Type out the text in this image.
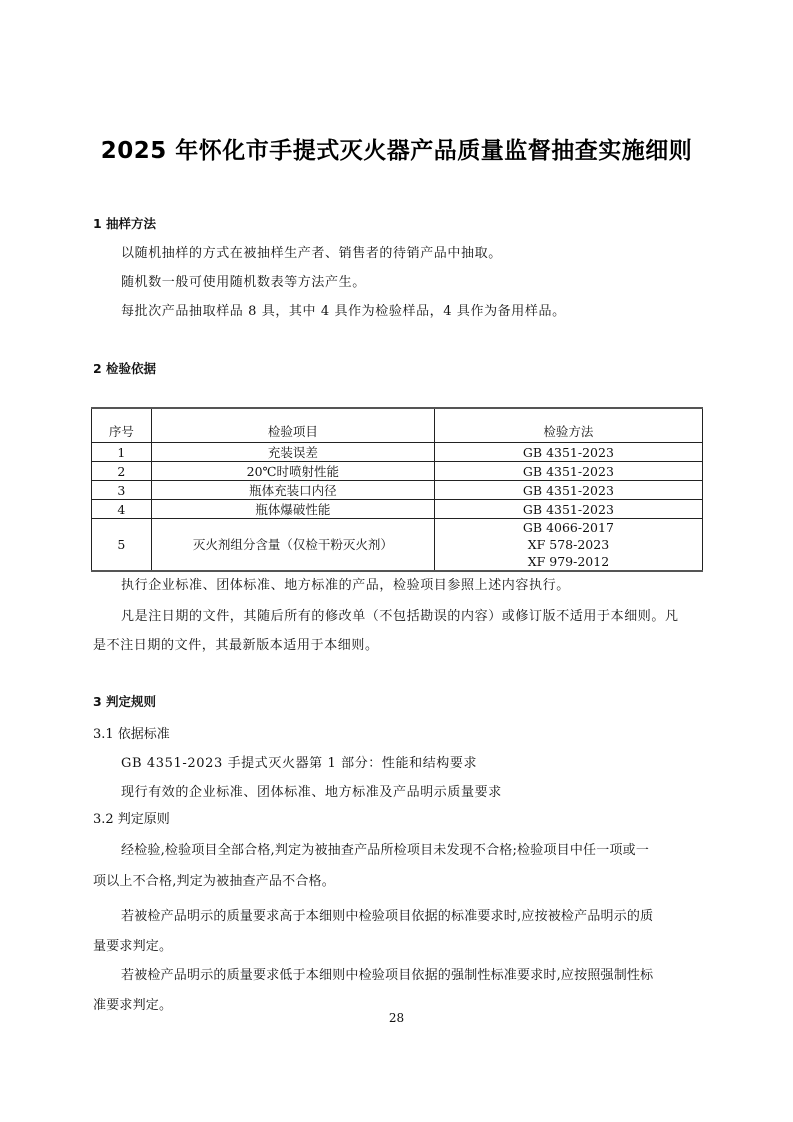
2025 年怀化市手提式灭火器产品质量监督抽查实施细则
1 抽样方法
以随机抽样的方式在被抽样生产者、销售者的待销产品中抽取。
随机数一般可使用随机数表等方法产生。
每批次产品抽取样品 8 具，其中 4 具作为检验样品，4 具作为备用样品。
2 检验依据
序号	检验项目	检验方法
1	充装误差	GB 4351-2023
2	20℃时喷射性能	GB 4351-2023
3	瓶体充装口内径	GB 4351-2023
4	瓶体爆破性能	GB 4351-2023
5	灭火剂组分含量（仅检干粉灭火剂）	GB 4066-2017
XF 578-2023
XF 979-2012
执行企业标准、团体标准、地方标准的产品，检验项目参照上述内容执行。
凡是注日期的文件，其随后所有的修改单（不包括勘误的内容）或修订版不适用于本细则。凡
是不注日期的文件，其最新版本适用于本细则。
3 判定规则
3.1 依据标准
GB 4351-2023 手提式灭火器第 1 部分：性能和结构要求
现行有效的企业标准、团体标准、地方标准及产品明示质量要求
3.2 判定原则
经检验,检验项目全部合格,判定为被抽查产品所检项目未发现不合格;检验项目中任一项或一
项以上不合格,判定为被抽查产品不合格。
若被检产品明示的质量要求高于本细则中检验项目依据的标准要求时,应按被检产品明示的质
量要求判定。
若被检产品明示的质量要求低于本细则中检验项目依据的强制性标准要求时,应按照强制性标
准要求判定。
28
